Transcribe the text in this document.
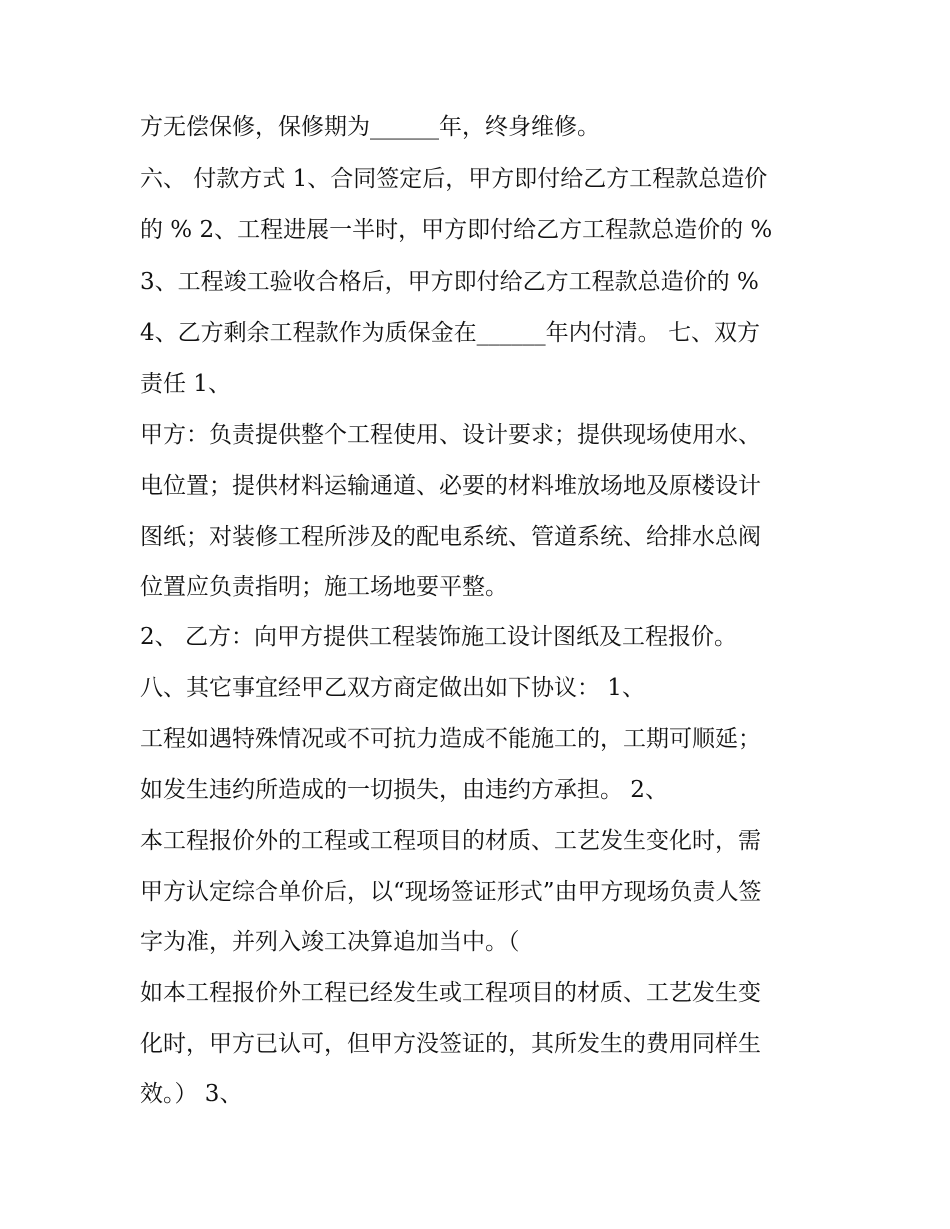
方无偿保修，保修期为______年，终身维修。
六、 付款方式 1、合同签定后，甲方即付给乙方工程款总造价
的 % 2、工程进展一半时，甲方即付给乙方工程款总造价的 %
3、工程竣工验收合格后，甲方即付给乙方工程款总造价的 %
4、乙方剩余工程款作为质保金在______年内付清。 七、双方
责任 1、
甲方：负责提供整个工程使用、设计要求；提供现场使用水、
电位置；提供材料运输通道、必要的材料堆放场地及原楼设计
图纸；对装修工程所涉及的配电系统、管道系统、给排水总阀
位置应负责指明；施工场地要平整。
2、 乙方：向甲方提供工程装饰施工设计图纸及工程报价。
八、其它事宜经甲乙双方商定做出如下协议： 1、
工程如遇特殊情况或不可抗力造成不能施工的，工期可顺延；
如发生违约所造成的一切损失，由违约方承担。 2、
本工程报价外的工程或工程项目的材质、工艺发生变化时，需
甲方认定综合单价后，以“现场签证形式”由甲方现场负责人签
字为准，并列入竣工决算追加当中。（
如本工程报价外工程已经发生或工程项目的材质、工艺发生变
化时，甲方已认可，但甲方没签证的，其所发生的费用同样生
效。） 3、
